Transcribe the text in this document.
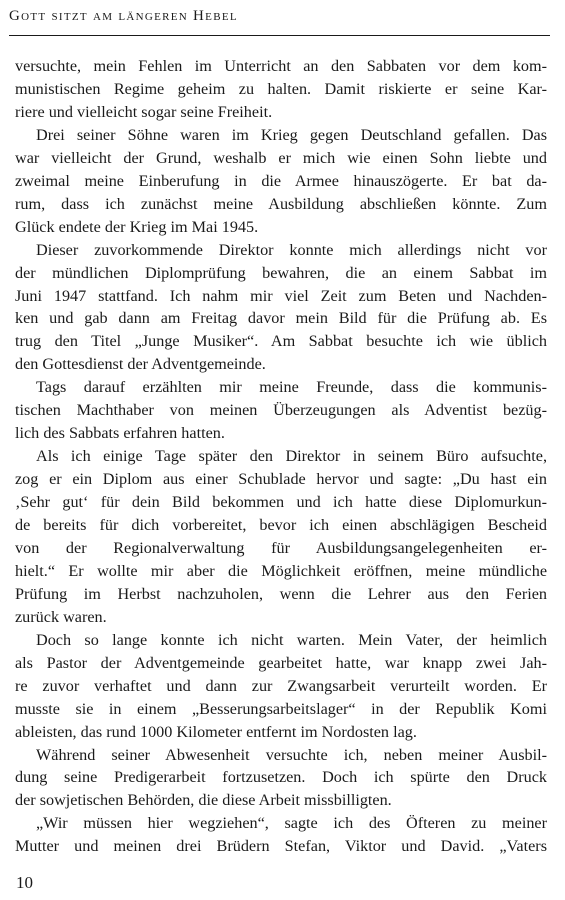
Gott sitzt am längeren Hebel
versuchte, mein Fehlen im Unterricht an den Sabbaten vor dem kom-
munistischen Regime geheim zu halten. Damit riskierte er seine Kar-
riere und vielleicht sogar seine Freiheit.
Drei seiner Söhne waren im Krieg gegen Deutschland gefallen. Das
war vielleicht der Grund, weshalb er mich wie einen Sohn liebte und
zweimal meine Einberufung in die Armee hinauszögerte. Er bat da-
rum, dass ich zunächst meine Ausbildung abschließen könnte. Zum
Glück endete der Krieg im Mai 1945.
Dieser zuvorkommende Direktor konnte mich allerdings nicht vor
der mündlichen Diplomprüfung bewahren, die an einem Sabbat im
Juni 1947 stattfand. Ich nahm mir viel Zeit zum Beten und Nachden-
ken und gab dann am Freitag davor mein Bild für die Prüfung ab. Es
trug den Titel „Junge Musiker“. Am Sabbat besuchte ich wie üblich
den Gottesdienst der Adventgemeinde.
Tags darauf erzählten mir meine Freunde, dass die kommunis-
tischen Machthaber von meinen Überzeugungen als Adventist bezüg-
lich des Sabbats erfahren hatten.
Als ich einige Tage später den Direktor in seinem Büro aufsuchte,
zog er ein Diplom aus einer Schublade hervor und sagte: „Du hast ein
‚Sehr gut‘ für dein Bild bekommen und ich hatte diese Diplomurkun-
de bereits für dich vorbereitet, bevor ich einen abschlägigen Bescheid
von der Regionalverwaltung für Ausbildungsangelegenheiten er-
hielt.“ Er wollte mir aber die Möglichkeit eröffnen, meine mündliche
Prüfung im Herbst nachzuholen, wenn die Lehrer aus den Ferien
zurück waren.
Doch so lange konnte ich nicht warten. Mein Vater, der heimlich
als Pastor der Adventgemeinde gearbeitet hatte, war knapp zwei Jah-
re zuvor verhaftet und dann zur Zwangsarbeit verurteilt worden. Er
musste sie in einem „Besserungsarbeitslager“ in der Republik Komi
ableisten, das rund 1000 Kilometer entfernt im Nordosten lag.
Während seiner Abwesenheit versuchte ich, neben meiner Ausbil-
dung seine Predigerarbeit fortzusetzen. Doch ich spürte den Druck
der sowjetischen Behörden, die diese Arbeit missbilligten.
„Wir müssen hier wegziehen“, sagte ich des Öfteren zu meiner
Mutter und meinen drei Brüdern Stefan, Viktor und David. „Vaters
10
